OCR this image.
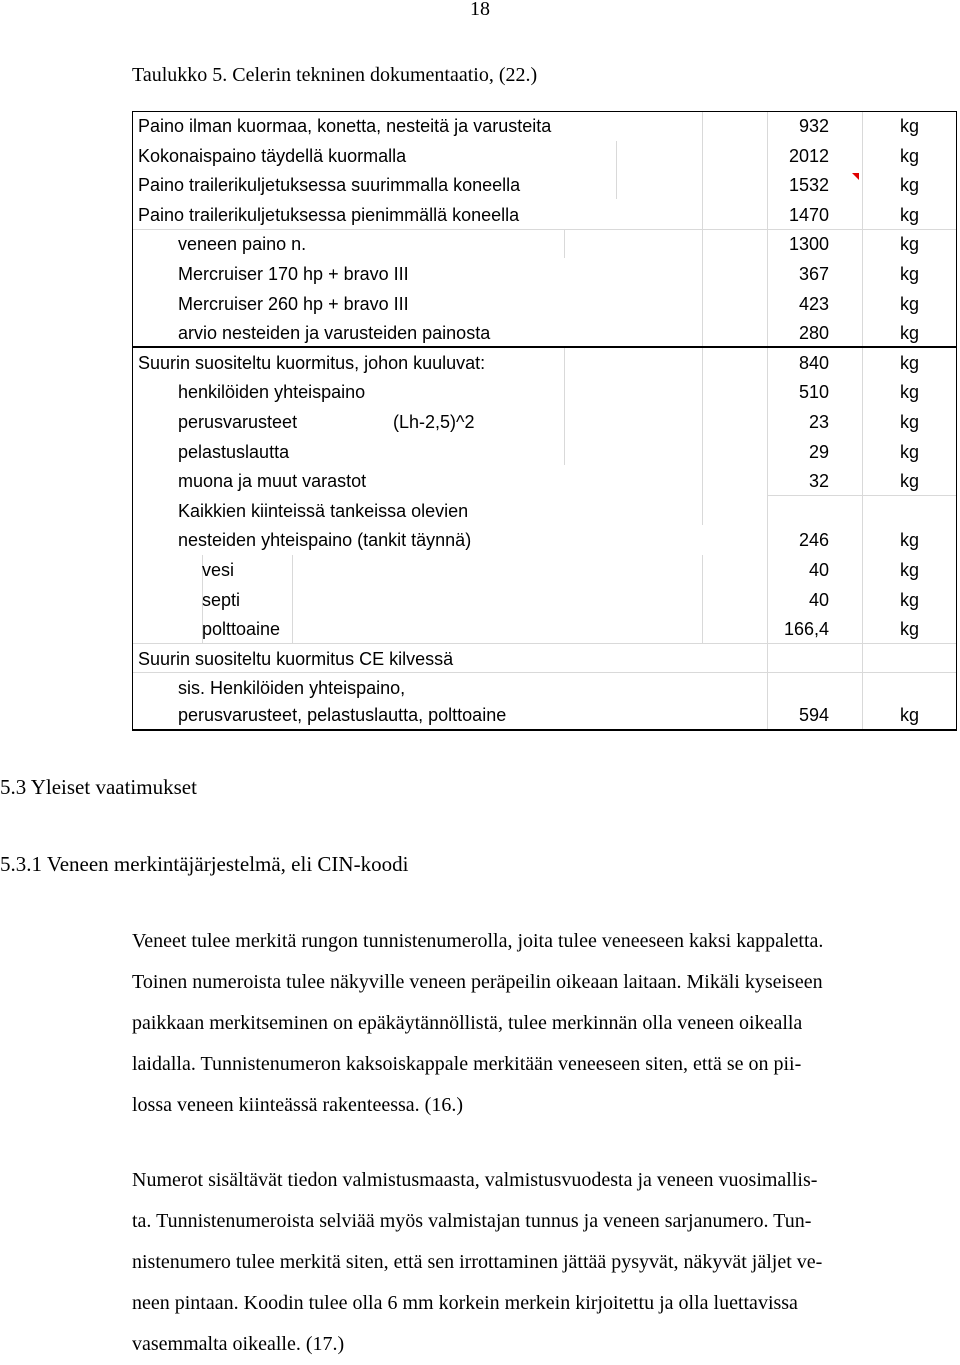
18
Taulukko 5. Celerin tekninen dokumentaatio, (22.)
Paino ilman kuormaa, konetta, nesteitä ja varusteita	932	kg
Kokonaispaino täydellä kuormalla	2012	kg
Paino trailerikuljetuksessa suurimmalla koneella	1532	kg
Paino trailerikuljetuksessa pienimmällä koneella	1470	kg
veneen paino n.	1300	kg
Mercruiser 170 hp + bravo III	367	kg
Mercruiser 260 hp + bravo III	423	kg
arvio nesteiden ja varusteiden painosta	280	kg
Suurin suositeltu kuormitus, johon kuuluvat:	840	kg
henkilöiden yhteispaino	510	kg
perusvarusteet	(Lh-2,5)^2	23	kg
pelastuslautta	29	kg
muona ja muut varastot	32	kg
Kaikkien kiinteissä tankeissa olevien
nesteiden yhteispaino (tankit täynnä)	246	kg
vesi	40	kg
septi	40	kg
polttoaine	166,4	kg
Suurin suositeltu kuormitus CE kilvessä
sis. Henkilöiden yhteispaino,
perusvarusteet, pelastuslautta, polttoaine	594	kg
5.3 Yleiset vaatimukset
5.3.1 Veneen merkintäjärjestelmä, eli CIN-koodi
Veneet tulee merkitä rungon tunnistenumerolla, joita tulee veneeseen kaksi kappaletta.
Toinen numeroista tulee näkyville veneen peräpeilin oikeaan laitaan. Mikäli kyseiseen
paikkaan merkitseminen on epäkäytännöllistä, tulee merkinnän olla veneen oikealla
laidalla. Tunnistenumeron kaksoiskappale merkitään veneeseen siten, että se on pii-
lossa veneen kiinteässä rakenteessa. (16.)
Numerot sisältävät tiedon valmistusmaasta, valmistusvuodesta ja veneen vuosimallis-
ta. Tunnistenumeroista selviää myös valmistajan tunnus ja veneen sarjanumero. Tun-
nistenumero tulee merkitä siten, että sen irrottaminen jättää pysyvät, näkyvät jäljet ve-
neen pintaan. Koodin tulee olla 6 mm korkein merkein kirjoitettu ja olla luettavissa
vasemmalta oikealle. (17.)
